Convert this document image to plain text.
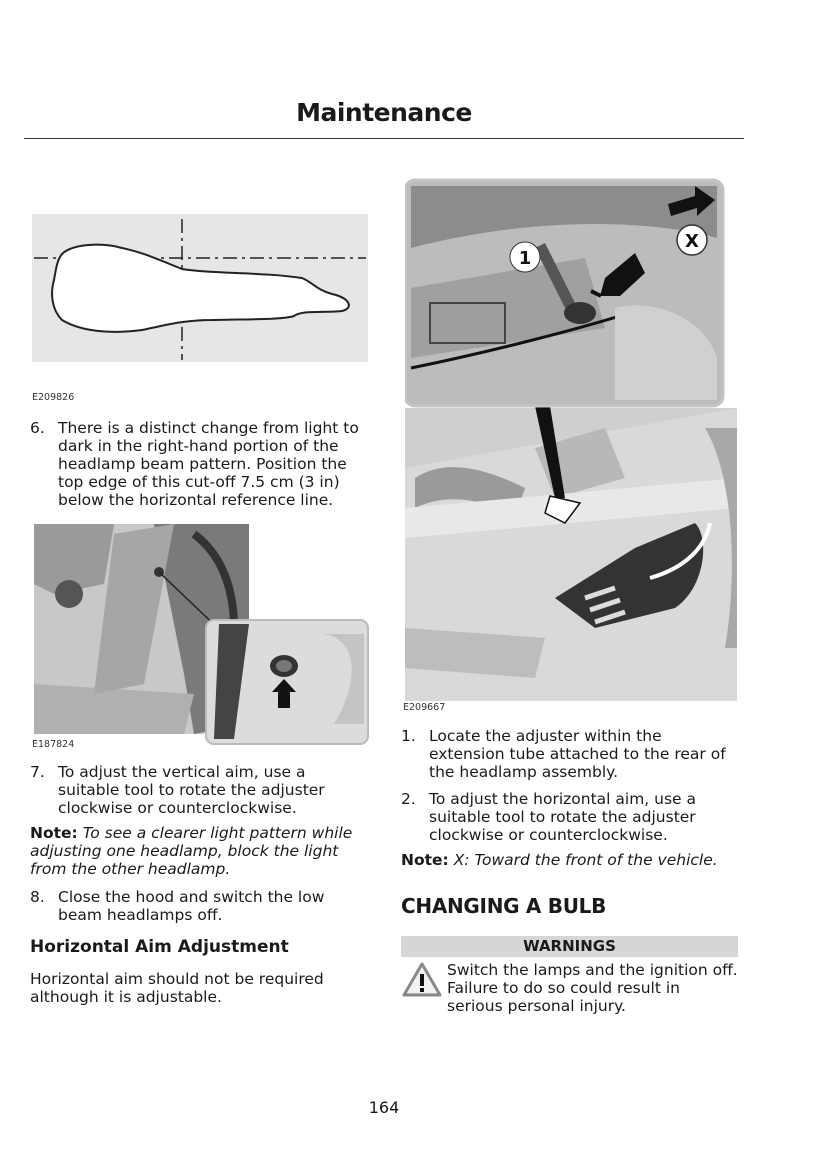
Maintenance
E209826
6. There is a distinct change from light to
dark in the right-hand portion of the
headlamp beam pattern. Position the
top edge of this cut-off 7.5 cm (3 in)
below the horizontal reference line.
E187824
7. To adjust the vertical aim, use a
suitable tool to rotate the adjuster
clockwise or counterclockwise.
Note: To see a clearer light pattern while
adjusting one headlamp, block the light
from the other headlamp.
8. Close the hood and switch the low
beam headlamps off.
Horizontal Aim Adjustment
Horizontal aim should not be required
although it is adjustable.
1
X
E209667
1. Locate the adjuster within the
extension tube attached to the rear of
the headlamp assembly.
2. To adjust the horizontal aim, use a
suitable tool to rotate the adjuster
clockwise or counterclockwise.
Note: X: Toward the front of the vehicle.
CHANGING A BULB
WARNINGS
Switch the lamps and the ignition off.
Failure to do so could result in
serious personal injury.
164
